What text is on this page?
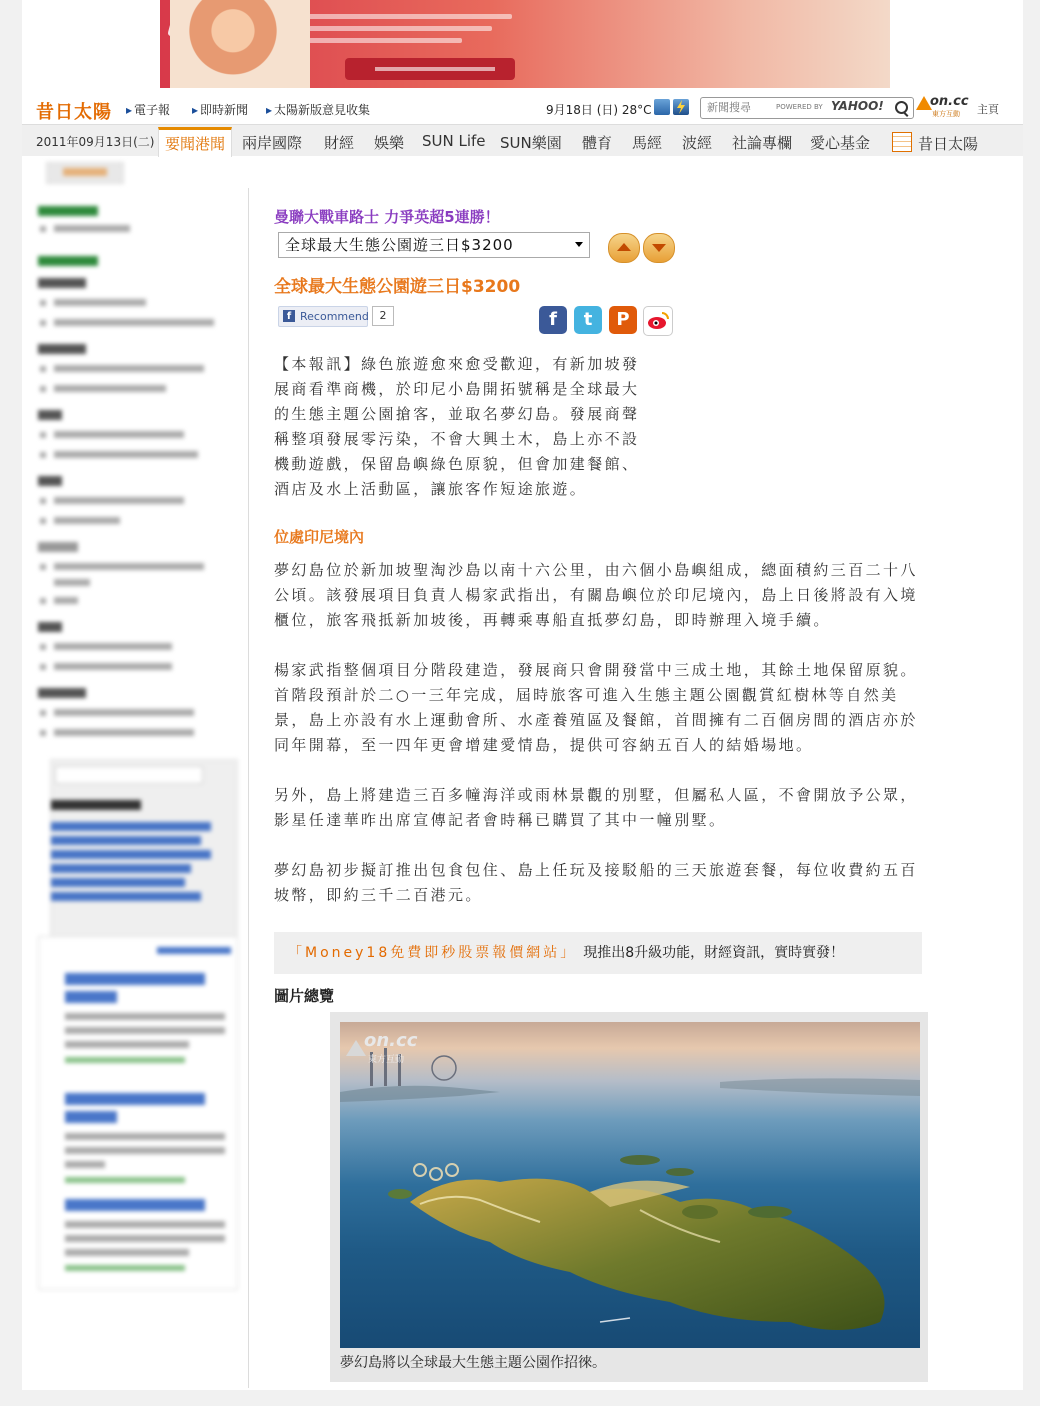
昔日太陽	▸ 電子報	▸ 即時新聞	▸ 太陽新版意見收集	9月18日 (日) 28°C
新聞搜尋	POWERED BY YAHOO!	on.cc
東方互動 主頁
2011年09月13日(二) 要聞港聞	兩岸國際 財經 娛樂 SUN Life SUN樂園 體育 馬經 波經 社論專欄 愛心基金	昔日太陽
曼聯大戰車路士 力爭英超5連勝！
全球最大生態公園遊三日$3200
全球最大生態公園遊三日$3200
f Recommend 2	f	t	P

【本報訊】綠色旅遊愈來愈受歡迎，有新加坡發

展商看準商機，於印尼小島開拓號稱是全球最大

的生態主題公園搶客，並取名夢幻島。發展商聲

稱整項發展零污染，不會大興土木，島上亦不設

機動遊戲，保留島嶼綠色原貌，但會加建餐館、

酒店及水上活動區，讓旅客作短途旅遊。

位處印尼境內

夢幻島位於新加坡聖淘沙島以南十六公里，由六個小島嶼組成，總面積約三百二十八

公頃。該發展項目負責人楊家武指出，有關島嶼位於印尼境內，島上日後將設有入境

櫃位，旅客飛抵新加坡後，再轉乘專船直抵夢幻島，即時辦理入境手續。

楊家武指整個項目分階段建造，發展商只會開發當中三成土地，其餘土地保留原貌。

首階段預計於二○一三年完成，屆時旅客可進入生態主題公園觀賞紅樹林等自然美

景，島上亦設有水上運動會所、水產養殖區及餐館，首間擁有二百個房間的酒店亦於

同年開幕，至一四年更會增建愛情島，提供可容納五百人的結婚場地。

另外，島上將建造三百多幢海洋或雨林景觀的別墅，但屬私人區，不會開放予公眾，

影星任達華昨出席宣傳記者會時稱已購買了其中一幢別墅。

夢幻島初步擬訂推出包食包住、島上任玩及接駁船的三天旅遊套餐，每位收費約五百

坡幣，即約三千二百港元。

「Money18免費即秒股票報價網站」 現推出8升級功能，財經資訊，實時實發！
圖片總覽
on.cc
東方互動
夢幻島將以全球最大生態主題公園作招徠。
